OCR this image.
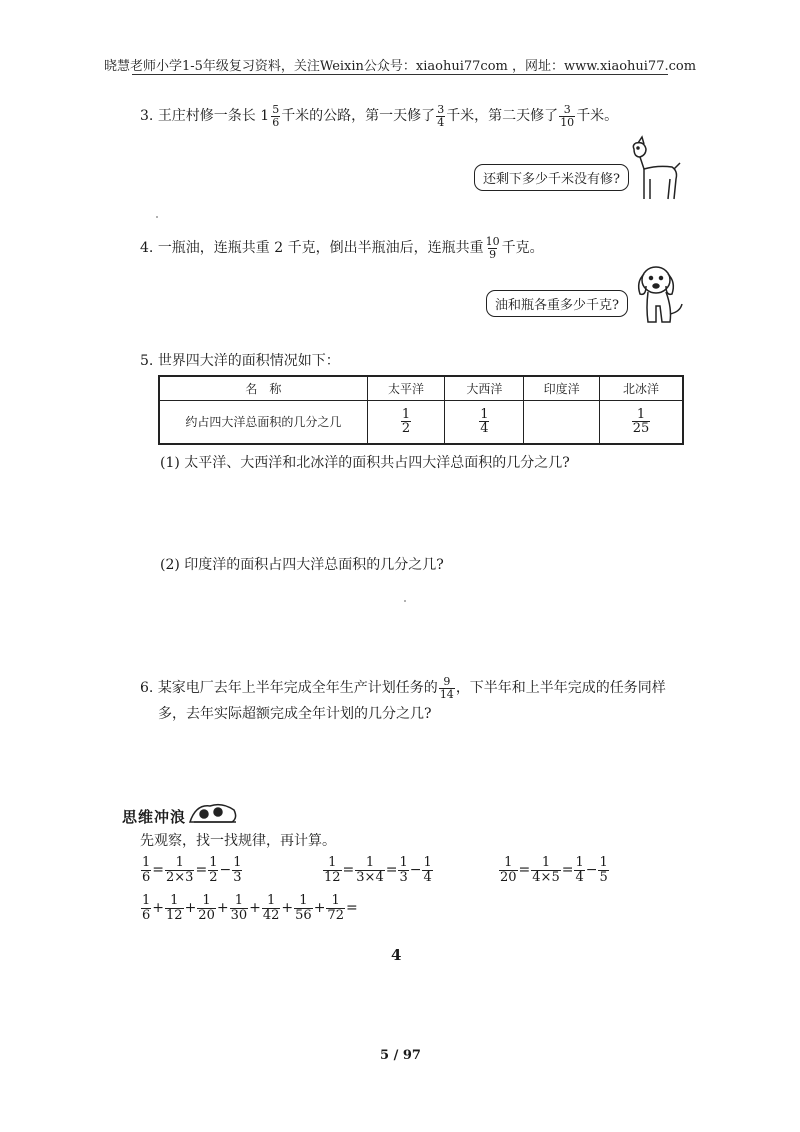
晓慧老师小学1-5年级复习资料，关注Weixin公众号：xiaohui77com ，网址：www.xiaohui77.com
3. 王庄村修一条长 $1 \frac{5}{6}$ 千米的公路，第一天修了 $\frac{3}{4}$ 千米，第二天修了 $\frac{3}{10}$ 千米。
还剩下多少千米没有修?
4. 一瓶油，连瓶共重 2 千克，倒出半瓶油后，连瓶共重 $\frac{10}{9}$ 千克。
油和瓶各重多少千克?
5. 世界四大洋的面积情况如下：
名　称	太平洋	大西洋	印度洋	北冰洋
约占四大洋总面积的几分之几	$\frac{1}{2}$	$\frac{1}{4}$		$\frac{1}{25}$
(1) 太平洋、大西洋和北冰洋的面积共占四大洋总面积的几分之几?
(2) 印度洋的面积占四大洋总面积的几分之几?
6. 某家电厂去年上半年完成全年生产计划任务的 $\frac{9}{14}$ ，下半年和上半年完成的任务同样
多，去年实际超额完成全年计划的几分之几?
思维冲浪
先观察，找一找规律，再计算。
$\frac{1}{6} = \frac{1}{2\times 3} = \frac{1}{2} - \frac{1}{3}$	$\frac{1}{12} = \frac{1}{3\times 4} = \frac{1}{3} - \frac{1}{4}$	$\frac{1}{20} = \frac{1}{4\times 5} = \frac{1}{4} - \frac{1}{5}$
$\frac{1}{6} + \frac{1}{12} + \frac{1}{20} + \frac{1}{30} + \frac{1}{42} + \frac{1}{56} + \frac{1}{72}$ =
4
5 / 97
